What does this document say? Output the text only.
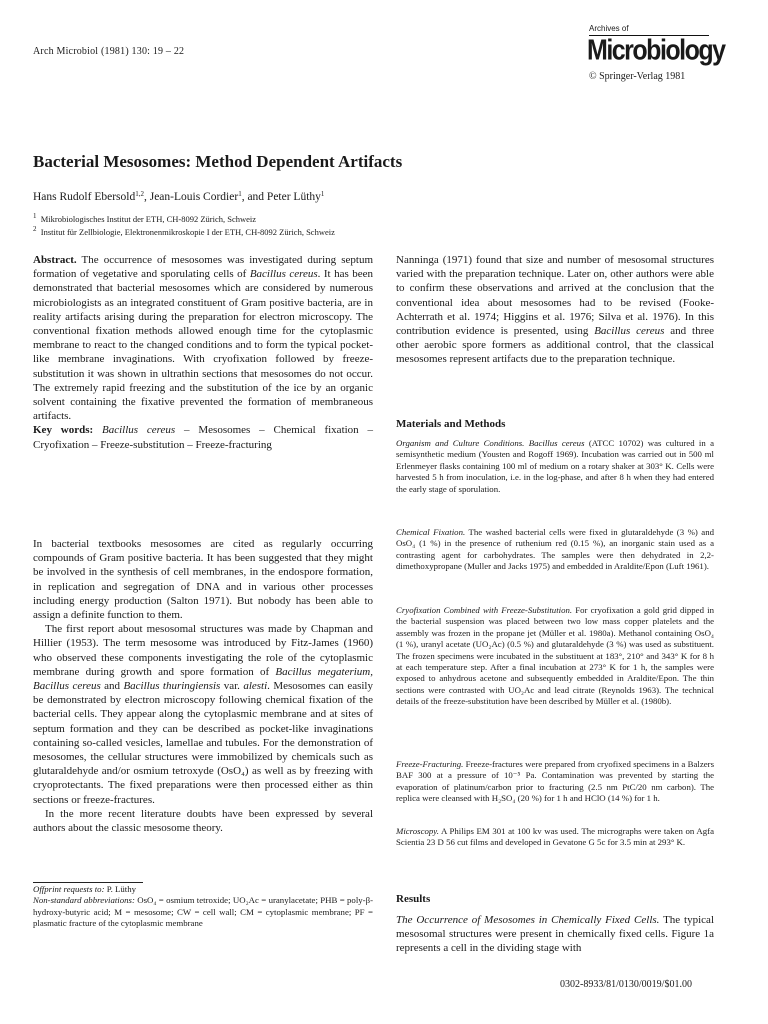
Arch Microbiol (1981) 130: 19 – 22
Archives of
Microbiology
© Springer-Verlag 1981
Bacterial Mesosomes: Method Dependent Artifacts
Hans Rudolf Ebersold$^{1,2}$, Jean-Louis Cordier$^1$, and Peter Lüthy$^1$
$^1$ Mikrobiologisches Institut der ETH, CH-8092 Zürich, Schweiz
$^2$ Institut für Zellbiologie, Elektronenmikroskopie I der ETH, CH-8092 Zürich, Schweiz

Abstract. The occurrence of mesosomes was investigated during septum formation of vegetative and sporulating cells of Bacillus cereus. It has been demonstrated that bacterial mesosomes which are considered by numerous microbiologists as an integrated constituent of Gram positive bacteria, are in reality artifacts arising during the preparation for electron microscopy. The conventional fixation methods allowed enough time for the cytoplasmic membrane to react to the changed conditions and to form the typical pocket-like membrane invaginations. With cryofixation followed by freeze-substitution it was shown in ultrathin sections that mesosomes do not occur. The extremely rapid freezing and the substitution of the ice by an organic solvent containing the fixative prevented the formation of membraneous artifacts.

Key words: Bacillus cereus – Mesosomes – Chemical fixation – Cryofixation – Freeze-substitution – Freeze-fracturing

In bacterial textbooks mesosomes are cited as regularly occurring compounds of Gram positive bacteria. It has been suggested that they might be involved in the synthesis of cell membranes, in the endospore formation, in replication and segregation of DNA and in various other processes including energy production (Salton 1971). But nobody has been able to assign a definite function to them.

The first report about mesosomal structures was made by Chapman and Hillier (1953). The term mesosome was introduced by Fitz-James (1960) who observed these components investigating the role of the cytoplasmic membrane during growth and spore formation of Bacillus megaterium, Bacillus cereus and Bacillus thuringiensis var. alesti. Mesosomes can easily be demonstrated by electron microscopy following chemical fixation of the bacterial cells. They appear along the cytoplasmic membrane and at sites of septum formation and they can be described as pocket-like invaginations containing so-called vesicles, lamellae and tubules. For the demonstration of mesosomes, the cellular structures were immobilized by chemicals such as glutaraldehyde and/or osmium tetroxyde (OsO₄) as well as by freezing with cryoprotectants. The fixed preparations were then processed either as thin sections or freeze-fractures.

In the more recent literature doubts have been expressed by several authors about the classic mesosome theory.

Offprint requests to: P. Lüthy
Non-standard abbreviations: OsO₄ = osmium tetroxide; UO₂Ac = uranylacetate; PHB = poly-β-hydroxy-butyric acid; M = mesosome; CW = cell wall; CM = cytoplasmic membrane; PF = plasmatic fracture of the cytoplasmic membrane

Nanninga (1971) found that size and number of mesosomal structures varied with the preparation technique. Later on, other authors were able to confirm these observations and arrived at the conclusion that the conventional idea about mesosomes had to be revised (Fooke-Achterrath et al. 1974; Higgins et al. 1976; Silva et al. 1976). In this contribution evidence is presented, using Bacillus cereus and three other aerobic spore formers as additional control, that the classical mesosomes represent artifacts due to the preparation technique.

Materials and Methods

Organism and Culture Conditions. Bacillus cereus (ATCC 10702) was cultured in a semisynthetic medium (Yousten and Rogoff 1969). Incubation was carried out in 500 ml Erlenmeyer flasks containing 100 ml of medium on a rotary shaker at 303° K. Cells were harvested 5 h from inoculation, i.e. in the log-phase, and after 8 h when they had entered the early stage of sporulation.

Chemical Fixation. The washed bacterial cells were fixed in glutaraldehyde (3 %) and OsO₄ (1 %) in the presence of ruthenium red (0.15 %), an inorganic stain used as a contrasting agent for carbohydrates. The samples were then dehydrated in 2,2-dimethoxypropane (Muller and Jacks 1975) and embedded in Araldite/Epon (Luft 1961).

Cryofixation Combined with Freeze-Substitution. For cryofixation a gold grid dipped in the bacterial suspension was placed between two low mass copper platelets and the assembly was frozen in the propane jet (Müller et al. 1980a). Methanol containing OsO₄ (1 %), uranyl acetate (UO₂Ac) (0.5 %) and glutaraldehyde (3 %) was used as substituent. The frozen specimens were incubated in the substituent at 183°, 210° and 343° K for 8 h at each temperature step. After a final incubation at 273° K for 1 h, the samples were exposed to anhydrous acetone and subsequently embedded in Araldite/Epon. The thin sections were contrasted with UO₂Ac and lead citrate (Reynolds 1963). The technical details of the freeze-substitution have been described by Müller et al. (1980b).

Freeze-Fracturing. Freeze-fractures were prepared from cryofixed specimens in a Balzers BAF 300 at a pressure of 10⁻⁵ Pa. Contamination was prevented by starting the evaporation of platinum/carbon prior to fracturing (2.5 nm PtC/20 nm carbon). The replica were cleansed with H₂SO₄ (20 %) for 1 h and HClO (14 %) for 1 h.

Microscopy. A Philips EM 301 at 100 kv was used. The micrographs were taken on Agfa Scientia 23 D 56 cut films and developed in Gevatone G 5c for 3.5 min at 293° K.

Results
The Occurrence of Mesosomes in Chemically Fixed Cells. The typical mesosomal structures were present in chemically fixed cells. Figure 1a represents a cell in the dividing stage with
0302-8933/81/0130/0019/$01.00
